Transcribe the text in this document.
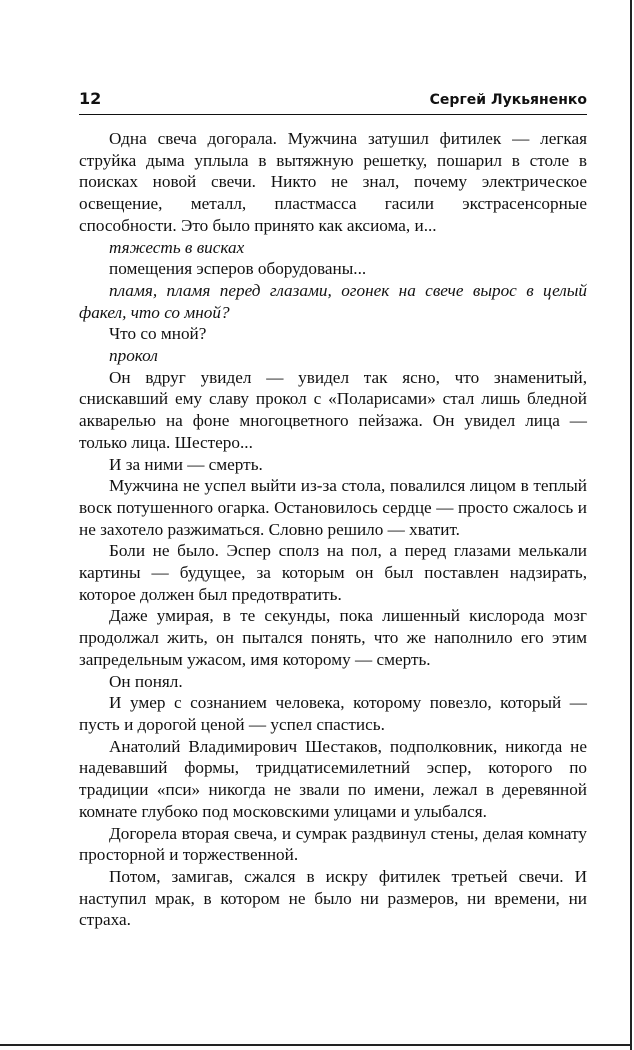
12	Сергей Лукьяненко

Одна свеча догорала. Мужчина затушил фитилек — легкая струйка дыма уплыла в вытяжную решетку, пошарил в столе в поисках новой свечи. Никто не знал, почему электрическое освещение, металл, пластмасса гасили экстрасенсорные способности. Это было принято как аксиома, и...

тяжесть в висках

помещения эсперов оборудованы...

пламя, пламя перед глазами, огонек на свече вырос в целый факел, что со мной?

Что со мной?

прокол

Он вдруг увидел — увидел так ясно, что знаменитый, снискавший ему славу прокол с «Поларисами» стал лишь бледной акварелью на фоне многоцветного пейзажа. Он увидел лица — только лица. Шестеро...

И за ними — смерть.

Мужчина не успел выйти из-за стола, повалился лицом в теплый воск потушенного огарка. Остановилось сердце — просто сжалось и не захотело разжиматься. Словно решило — хватит.

Боли не было. Эспер сполз на пол, а перед глазами мелькали картины — будущее, за которым он был поставлен надзирать, которое должен был предотвратить.

Даже умирая, в те секунды, пока лишенный кислорода мозг продолжал жить, он пытался понять, что же наполнило его этим запредельным ужасом, имя которому — смерть.

Он понял.

И умер с сознанием человека, которому повезло, который — пусть и дорогой ценой — успел спастись.

Анатолий Владимирович Шестаков, подполковник, никогда не надевавший формы, тридцатисемилетний эспер, которого по традиции «пси» никогда не звали по имени, лежал в деревянной комнате глубоко под московскими улицами и улыбался.

Догорела вторая свеча, и сумрак раздвинул стены, делая комнату просторной и торжественной.

Потом, замигав, сжался в искру фитилек третьей свечи. И наступил мрак, в котором не было ни размеров, ни времени, ни страха.
